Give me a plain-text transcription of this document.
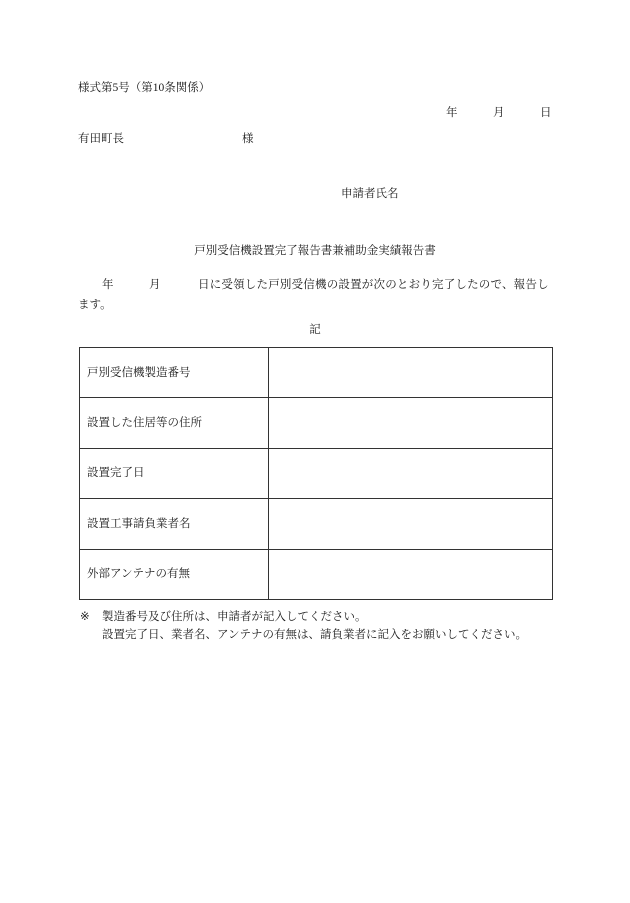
様式第5号（第10条関係）
年	月	日
有田町長	様
申請者氏名
戸別受信機設置完了報告書兼補助金実績報告書
年	月	日に受領した戸別受信機の設置が次のとおり完了したので、報告し
ます。
記
戸別受信機製造番号	
設置した住居等の住所	
設置完了日	
設置工事請負業者名	
外部アンテナの有無	
※ 製造番号及び住所は、申請者が記入してください。
設置完了日、業者名、アンテナの有無は、請負業者に記入をお願いしてください。
